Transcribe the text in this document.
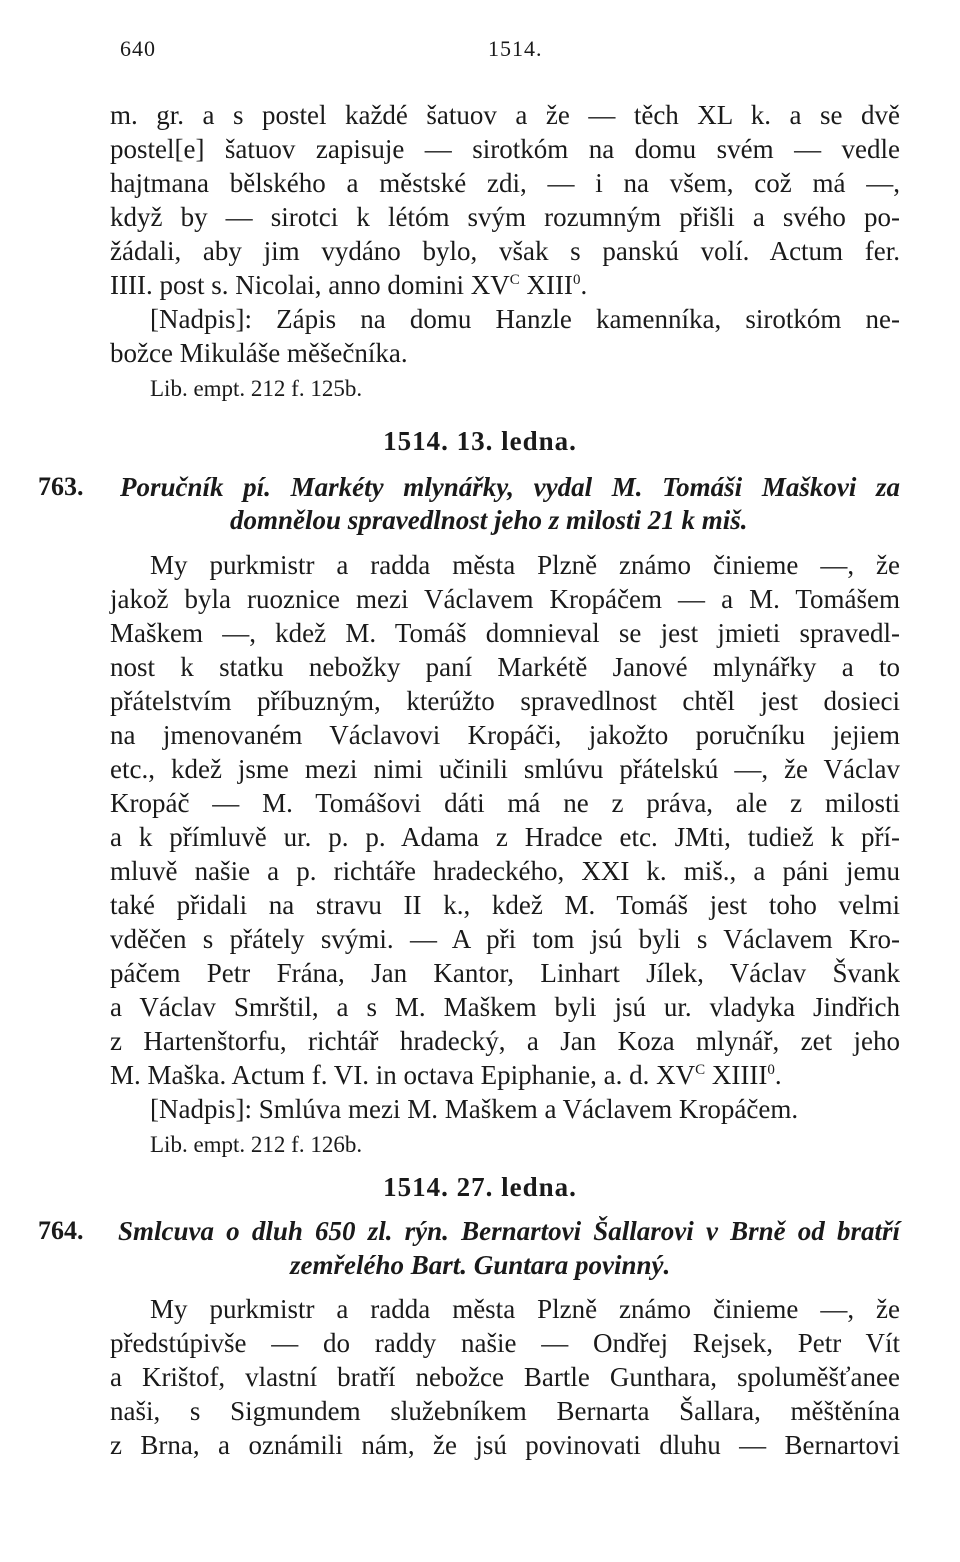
640	1514.
m. gr. a s postel každé šatuov a že — těch XL k. a se dvě
postel[e] šatuov zapisuje — sirotkóm na domu svém — vedle
hajtmana bělského a městské zdi, — i na všem, což má —,
když by — sirotci k létóm svým rozumným přišli a svého po-
žádali, aby jim vydáno bylo, však s panskú volí. Actum fer.
IIII. post s. Nicolai, anno domini $XV^C$ XIII$^0$.
[Nadpis]: Zápis na domu Hanzle kamenníka, sirotkóm ne-
božce Mikuláše měšečníka.
Lib. empt. 212 f. 125b.
1514. 13. ledna.
763. Poručník pí. Markéty mlynářky, vydal M. Tomáši Maškovi za
domnělou spravedlnost jeho z milosti 21 k miš.
My purkmistr a radda města Plzně známo činieme —, že
jakož byla ruoznice mezi Václavem Kropáčem — a M. Tomášem
Maškem —, kdež M. Tomáš domnieval se jest jmieti spravedl-
nost k statku nebožky paní Markétě Janové mlynářky a to
přátelstvím příbuzným, kterúžto spravedlnost chtěl jest dosieci
na jmenovaném Václavovi Kropáči, jakožto poručníku jejiem
etc., kdež jsme mezi nimi učinili smlúvu přátelskú —, že Václav
Kropáč — M. Tomášovi dáti má ne z práva, ale z milosti
a k přímluvě ur. p. p. Adama z Hradce etc. JMti, tudiež k pří-
mluvě našie a p. richtáře hradeckého, XXI k. miš., a páni jemu
také přidali na stravu II k., kdež M. Tomáš jest toho velmi
vděčen s přátely svými. — A při tom jsú byli s Václavem Kro-
páčem Petr Frána, Jan Kantor, Linhart Jílek, Václav Švank
a Václav Smrštil, a s M. Maškem byli jsú ur. vladyka Jindřich
z Hartenštorfu, richtář hradecký, a Jan Koza mlynář, zet jeho
M. Maška. Actum f. VI. in octava Epiphanie, a. d. $XV^C$ XIIII$^0$.
[Nadpis]: Smlúva mezi M. Maškem a Václavem Kropáčem.
Lib. empt. 212 f. 126b.
1514. 27. ledna.
764. Smlcuva o dluh 650 zl. rýn. Bernartovi Šallarovi v Brně od bratří
zemřelého Bart. Guntara povinný.
My purkmistr a radda města Plzně známo činieme —, že
předstúpivše — do raddy našie — Ondřej Rejsek, Petr Vít
a Krištof, vlastní bratří nebožce Bartle Gunthara, spoluměšťanee
naši, s Sigmundem služebníkem Bernarta Šallara, měštěnína
z Brna, a oznámili nám, že jsú povinovati dluhu — Bernartovi
